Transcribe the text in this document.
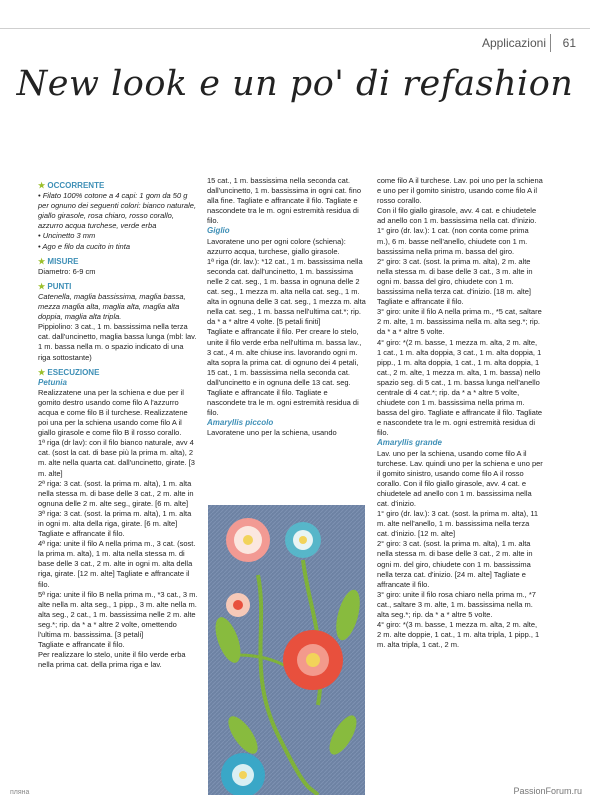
Applicazioni 61
New look e un po' di refashion

★ OCCORRENTE

• Filato 100% cotone a 4 capi: 1 gom da 50 g per ognuno dei seguenti colori: bianco naturale, giallo girasole, rosa chiaro, rosso corallo, azzurro acqua turchese, verde erba

• Uncinetto 3 mm

• Ago e filo da cucito in tinta

★ MISURE

Diametro: 6-9 cm

★ PUNTI

Catenella, maglia bassissima, maglia bassa, mezza maglia alta, maglia alta, maglia alta doppia, maglia alta tripla.

Pippiolino: 3 cat., 1 m. bassissima nella terza cat. dall'uncinetto, maglia bassa lunga (mbl: lav. 1 m. bassa nella m. o spazio indicato di una riga sottostante)

★ ESECUZIONE

Petunia

Realizzatene una per la schiena e due per il gomito destro usando come filo A l'azzurro acqua e come filo B il turchese. Realizzatene poi una per la schiena usando come filo A il giallo girasole e come filo B il rosso corallo.

1ª riga (dr lav): con il filo bianco naturale, avv 4 cat. (sost la cat. di base più la prima m. alta), 2 m. alte nella quarta cat. dall'uncinetto, girate. [3 m. alte]

2ª riga: 3 cat. (sost. la prima m. alta), 1 m. alta nella stessa m. di base delle 3 cat., 2 m. alte in ognuna delle 2 m. alte seg., girate. [6 m. alte]

3ª riga: 3 cat. (sost. la prima m. alta), 1 m. alta in ogni m. alta della riga, girate. [6 m. alte] Tagliate e affrancate il filo.

4ª riga: unite il filo A nella prima m., 3 cat. (sost. la prima m. alta), 1 m. alta nella stessa m. di base delle 3 cat., 2 m. alte in ogni m. alta della riga, girate. [12 m. alte] Tagliate e affrancate il filo.

5ª riga: unite il filo B nella prima m., *3 cat., 3 m. alte nella m. alta seg., 1 pipp., 3 m. alte nella m. alta seg., 2 cat., 1 m. bassissima nelle 2 m. alte seg.*; rip. da * a * altre 2 volte, omettendo l'ultima m. bassissima. [3 petali]

Tagliate e affrancate il filo.

Per realizzare lo stelo, unite il filo verde erba nella prima cat. della prima riga e lav.

15 cat., 1 m. bassissima nella seconda cat. dall'uncinetto, 1 m. bassissima in ogni cat. fino alla fine. Tagliate e affrancate il filo. Tagliate e nascondete tra le m. ogni estremità residua di filo.

Giglio

Lavoratene uno per ogni colore (schiena): azzurro acqua, turchese, giallo girasole.

1ª riga (dr. lav.): *12 cat., 1 m. bassissima nella seconda cat. dall'uncinetto, 1 m. bassissima nelle 2 cat. seg., 1 m. bassa in ognuna delle 2 cat. seg., 1 mezza m. alta nella cat. seg., 1 m. alta in ognuna delle 3 cat. seg., 1 mezza m. alta nella cat. seg., 1 m. bassa nell'ultima cat.*; rip. da * a * altre 4 volte. [5 petali finiti]

Tagliate e affrancate il filo. Per creare lo stelo, unite il filo verde erba nell'ultima m. bassa lav., 3 cat., 4 m. alte chiuse ins. lavorando ogni m. alta sopra la prima cat. di ognuno dei 4 petali, 15 cat., 1 m. bassissima nella seconda cat. dall'uncinetto e in ognuna delle 13 cat. seg. Tagliate e affrancate il filo. Tagliate e nascondete tra le m. ogni estremità residua di filo.

Amaryllis piccolo

Lavoratene uno per la schiena, usando

come filo A il turchese. Lav. poi uno per la schiena e uno per il gomito sinistro, usando come filo A il rosso corallo.

Con il filo giallo girasole, avv. 4 cat. e chiudetele ad anello con 1 m. bassissima nella cat. d'inizio.

1° giro (dr. lav.): 1 cat. (non conta come prima m.), 6 m. basse nell'anello, chiudete con 1 m. bassissima nella prima m. bassa del giro.

2° giro: 3 cat. (sost. la prima m. alta), 2 m. alte nella stessa m. di base delle 3 cat., 3 m. alte in ogni m. bassa del giro, chiudete con 1 m. bassissima nella terza cat. d'inizio. [18 m. alte]

Tagliate e affrancate il filo.

3° giro: unite il filo A nella prima m., *5 cat, saltare 2 m. alte, 1 m. bassissima nella m. alta seg.*; rip. da * a * altre 5 volte.

4° giro: *(2 m. basse, 1 mezza m. alta, 2 m. alte, 1 cat., 1 m. alta doppia, 3 cat., 1 m. alta doppia, 1 pipp., 1 m. alta doppia, 1 cat., 1 m. alta doppia, 1 cat., 2 m. alte, 1 mezza m. alta, 1 m. bassa) nello spazio seg. di 5 cat., 1 m. bassa lunga nell'anello centrale di 4 cat.*; rip. da * a * altre 5 volte, chiudete con 1 m. bassissima nella prima m. bassa del giro. Tagliate e affrancate il filo. Tagliate e nascondete tra le m. ogni estremità residua di filo.

Amaryllis grande

Lav. uno per la schiena, usando come filo A il turchese. Lav. quindi uno per la schiena e uno per il gomito sinistro, usando come filo A il rosso corallo. Con il filo giallo girasole, avv. 4 cat. e chiudetele ad anello con 1 m. bassissima nella cat. d'inizio.

1° giro (dr. lav.): 3 cat. (sost. la prima m. alta), 11 m. alte nell'anello, 1 m. bassissima nella terza cat. d'inizio. [12 m. alte]

2° giro: 3 cat. (sost. la prima m. alta), 1 m. alta nella stessa m. di base delle 3 cat., 2 m. alte in ogni m. del giro, chiudete con 1 m. bassissima nella terza cat. d'inizio. [24 m. alte] Tagliate e affrancate il filo.

3° giro: unite il filo rosa chiaro nella prima m., *7 cat., saltare 3 m. alte, 1 m. bassissima nella m. alta seg.*; rip. da * a * altre 5 volte.

4° giro: *(3 m. basse, 1 mezza m. alta, 2 m. alte, 2 m. alte doppie, 1 cat., 1 m. alta tripla, 1 pipp., 1 m. alta tripla, 1 cat., 2 m.

пляна	PassionForum.ru
